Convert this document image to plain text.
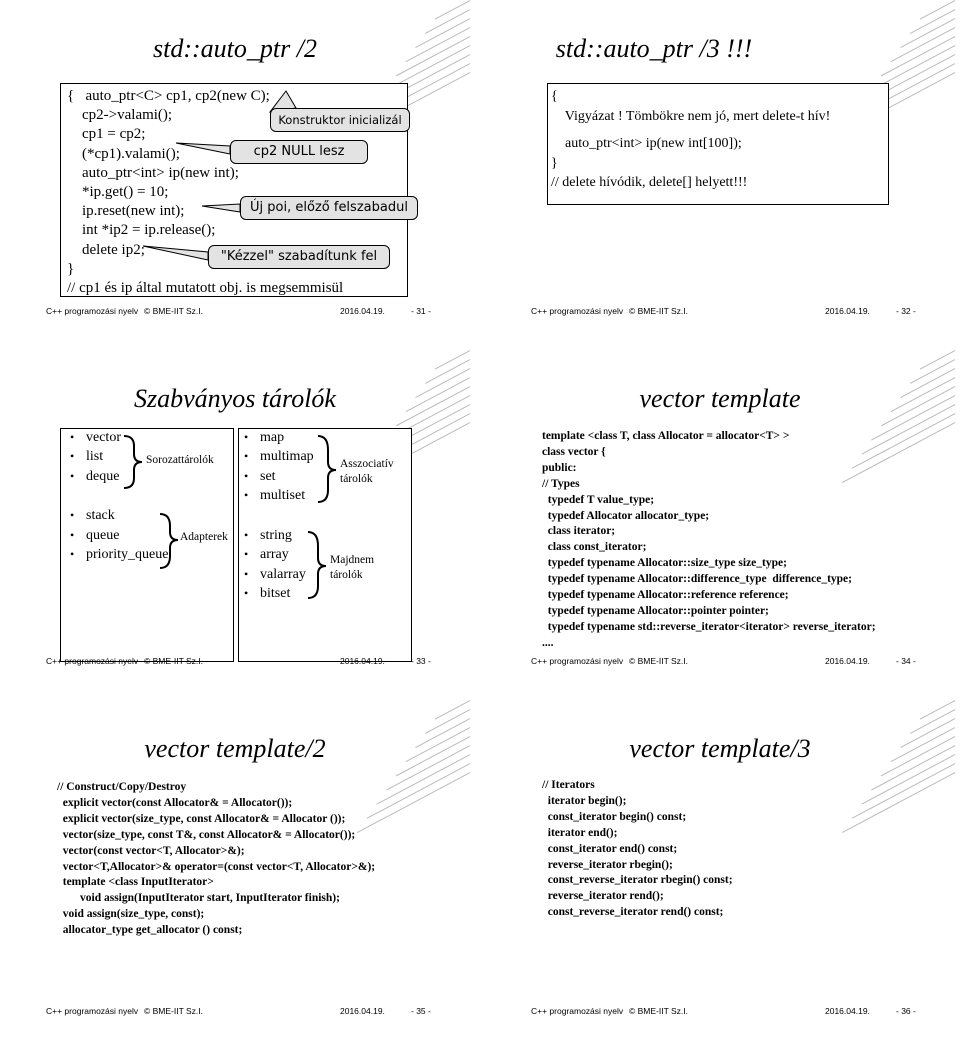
std::auto_ptr /2
{   auto_ptr<C> cp1, cp2(new C);
cp2->valami();
cp1 = cp2;
(*cp1).valami();
auto_ptr<int> ip(new int);
*ip.get() = 10;
ip.reset(new int);
int *ip2 = ip.release();
delete ip2;
}
// cp1 és ip által mutatott obj. is megsemmisül
Konstruktor inicializál
cp2 NULL lesz
Új poi, előző felszabadul
"Kézzel" szabadítunk fel
C++ programozási nyelv © BME-IIT Sz.I.	2016.04.19.	- 31 -
std::auto_ptr /3 !!!
{
Vigyázat ! Tömbökre nem jó, mert delete-t hív!
auto_ptr<int> ip(new int[100]);
}
// delete hívódik, delete[] helyett!!!
C++ programozási nyelv © BME-IIT Sz.I.	2016.04.19.	- 32 -
Szabványos tárolók
• vector
• list
• deque
• stack
• queue
• priority_queue
• map
• multimap
• set
• multiset
• string
• array
• valarray
• bitset
Sorozattárolók
Adapterek
Asszociatív
tárolók
Majdnem
tárolók
C++ programozási nyelv © BME-IIT Sz.I.	2016.04.19.	- 33 -
vector template
template <class T, class Allocator = allocator<T> >
class vector {
public:
// Types
typedef T value_type;
typedef Allocator allocator_type;
class iterator;
class const_iterator;
typedef typename Allocator::size_type size_type;
typedef typename Allocator::difference_type  difference_type;
typedef typename Allocator::reference reference;
typedef typename Allocator::pointer pointer;
typedef typename std::reverse_iterator<iterator> reverse_iterator;
....
C++ programozási nyelv © BME-IIT Sz.I.	2016.04.19.	- 34 -
vector template/2
// Construct/Copy/Destroy
explicit vector(const Allocator& = Allocator());
explicit vector(size_type, const Allocator& = Allocator ());
vector(size_type, const T&, const Allocator& = Allocator());
vector(const vector<T, Allocator>&);
vector<T,Allocator>& operator=(const vector<T, Allocator>&);
template <class InputIterator>
void assign(InputIterator start, InputIterator finish);
void assign(size_type, const);
allocator_type get_allocator () const;
C++ programozási nyelv © BME-IIT Sz.I.	2016.04.19.	- 35 -
vector template/3
// Iterators
iterator begin();
const_iterator begin() const;
iterator end();
const_iterator end() const;
reverse_iterator rbegin();
const_reverse_iterator rbegin() const;
reverse_iterator rend();
const_reverse_iterator rend() const;
C++ programozási nyelv © BME-IIT Sz.I.	2016.04.19.	- 36 -
